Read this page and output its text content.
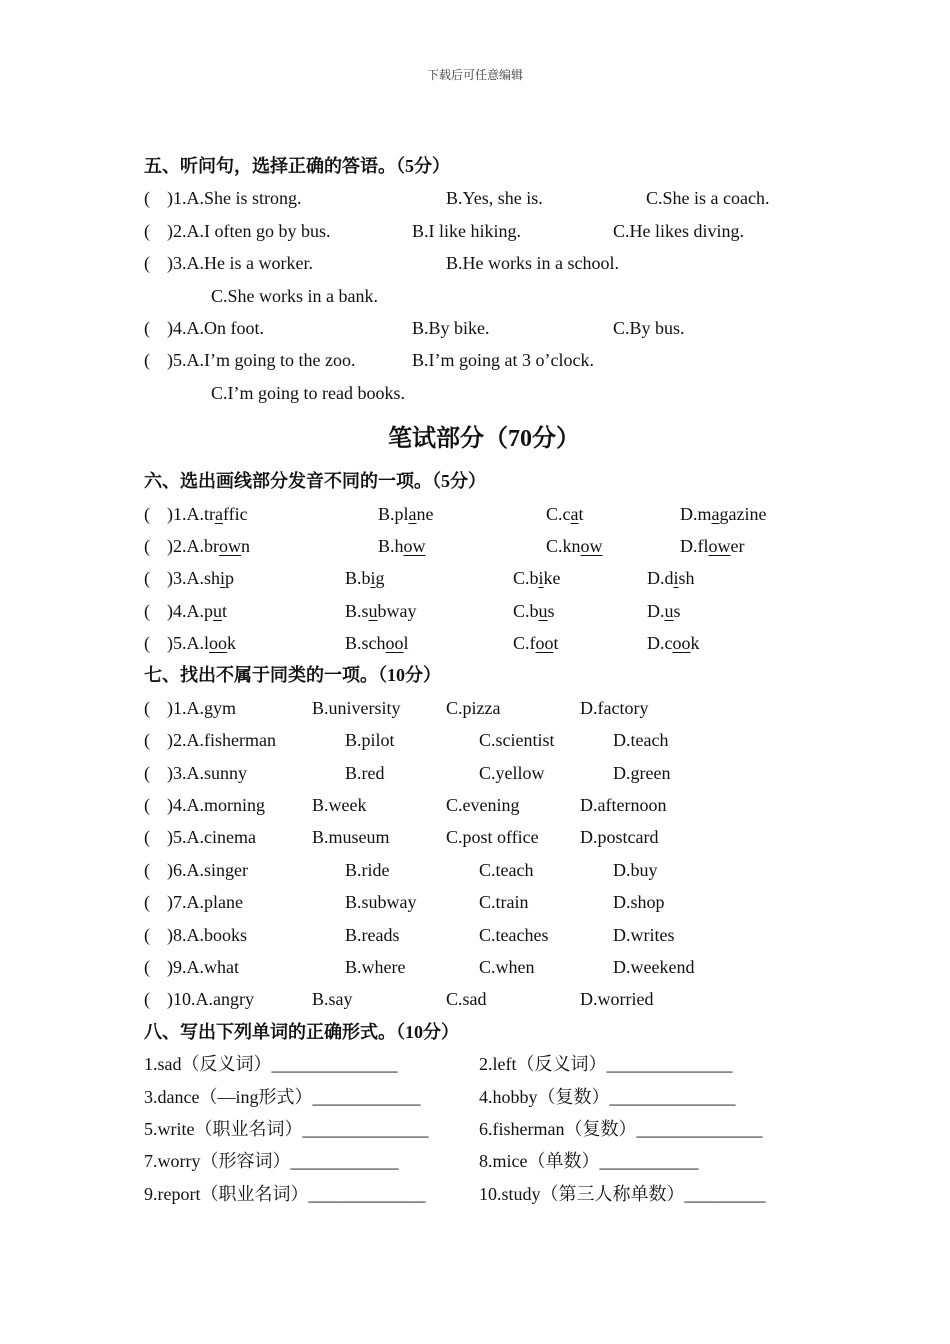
下载后可任意编辑
五、听问句，选择正确的答语。（5分）
( )1.A.She is strong.	B.Yes, she is.	C.She is a coach.
( )2.A.I often go by bus.	B.I like hiking.	C.He likes diving.
( )3.A.He is a worker.	B.He works in a school.
C.She works in a bank.
( )4.A.On foot.	B.By bike.	C.By bus.
( )5.A.I’m going to the zoo.	B.I’m going at 3 o’clock.
C.I’m going to read books.
笔试部分（70分）
六、选出画线部分发音不同的一项。（5分）
( )1.A.traffic	B.plane	C.cat	D.magazine
( )2.A.brown	B.how	C.know	D.flower
( )3.A.ship	B.big	C.bike	D.dish
( )4.A.put	B.subway	C.bus	D.us
( )5.A.look	B.school	C.foot	D.cook
七、找出不属于同类的一项。（10分）
( )1.A.gym	B.university	C.pizza	D.factory
( )2.A.fisherman	B.pilot	C.scientist	D.teach
( )3.A.sunny	B.red	C.yellow	D.green
( )4.A.morning	B.week	C.evening	D.afternoon
( )5.A.cinema	B.museum	C.post office D.postcard
( )6.A.singer	B.ride	C.teach	D.buy
( )7.A.plane	B.subway	C.train	D.shop
( )8.A.books	B.reads	C.teaches	D.writes
( )9.A.what	B.where	C.when	D.weekend
( )10.A.angry	B.say	C.sad	D.worried
八、写出下列单词的正确形式。（10分）
1.sad（反义词）______________	2.left（反义词）______________
3.dance（—ing形式）____________	4.hobby（复数）______________
5.write（职业名词）______________	6.fisherman（复数）______________
7.worry（形容词）____________	8.mice（单数）___________
9.report（职业名词）_____________	10.study（第三人称单数）_________
